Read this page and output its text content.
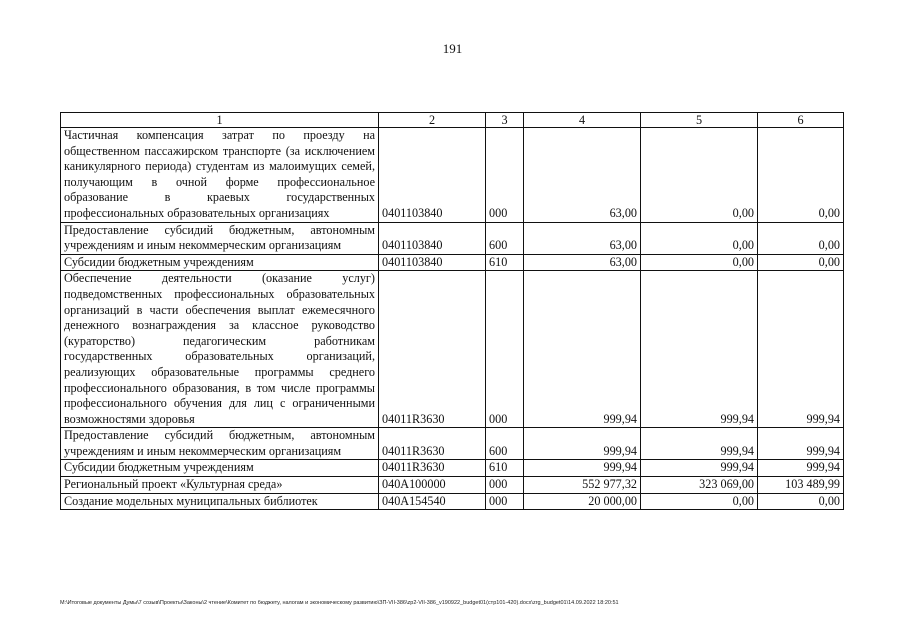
191
1	2	3	4	5	6
Частичная компенсация затрат по проезду на общественном пассажирском транспорте (за исключением каникулярного периода) студентам из малоимущих семей, получающим в очной форме профессиональное образование в краевых государственных профессиональных образовательных организациях	0401103840	000	63,00	0,00	0,00
Предоставление субсидий бюджетным, автономным учреждениям и иным некоммерческим организациям	0401103840	600	63,00	0,00	0,00
Субсидии бюджетным учреждениям	0401103840	610	63,00	0,00	0,00
Обеспечение деятельности (оказание услуг) подведомственных профессиональных образовательных организаций в части обеспечения выплат ежемесячного денежного вознаграждения за классное руководство (кураторство) педагогическим работникам государственных образовательных организаций, реализующих образовательные программы среднего профессионального образования, в том числе программы профессионального обучения для лиц с ограниченными возможностями здоровья	04011R3630	000	999,94	999,94	999,94
Предоставление субсидий бюджетным, автономным учреждениям и иным некоммерческим организациям	04011R3630	600	999,94	999,94	999,94
Субсидии бюджетным учреждениям	04011R3630	610	999,94	999,94	999,94
Региональный проект «Культурная среда»	040A100000	000	552 977,32	323 069,00	103 489,99
Создание модельных муниципальных библиотек	040A154540	000	20 000,00	0,00	0,00
M:\Итоговые документы Думы\7 созыв\Проекты\Законы\2 чтение\Комитет по бюджету, налогам и экономическому развитию\ЗП-VII-386\zp2-VII-386_v190922_budget01(стр101-420).docx\zrg_budget01\14.09.2022 18:20:51
